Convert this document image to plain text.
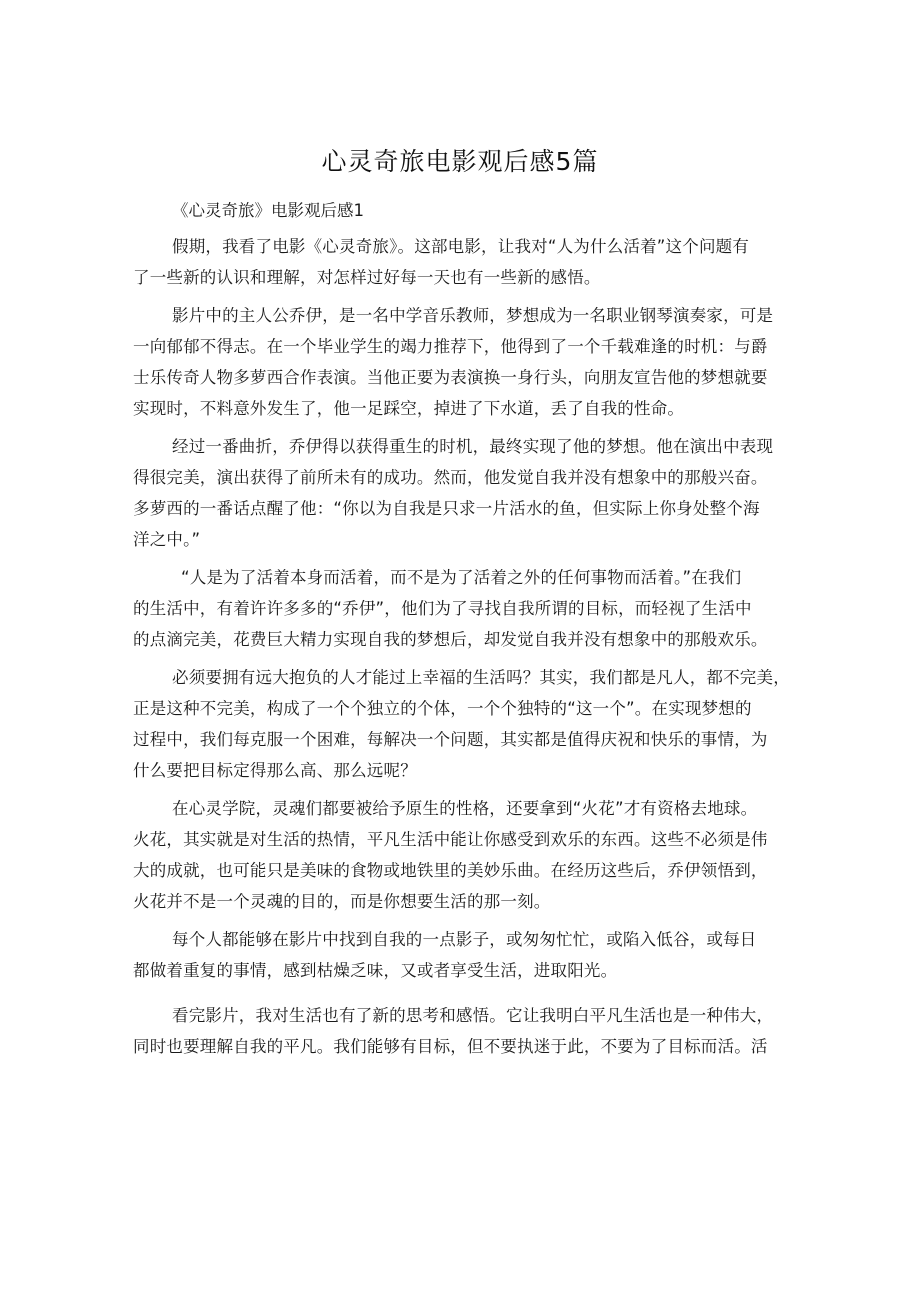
心灵奇旅电影观后感5篇
《心灵奇旅》电影观后感1
假期，我看了电影《心灵奇旅》。这部电影，让我对“人为什么活着”这个问题有
了一些新的认识和理解，对怎样过好每一天也有一些新的感悟。
影片中的主人公乔伊，是一名中学音乐教师，梦想成为一名职业钢琴演奏家，可是
一向郁郁不得志。在一个毕业学生的竭力推荐下，他得到了一个千载难逢的时机：与爵
士乐传奇人物多萝西合作表演。当他正要为表演换一身行头，向朋友宣告他的梦想就要
实现时，不料意外发生了，他一足踩空，掉进了下水道，丢了自我的性命。
经过一番曲折，乔伊得以获得重生的时机，最终实现了他的梦想。他在演出中表现
得很完美，演出获得了前所未有的成功。然而，他发觉自我并没有想象中的那般兴奋。
多萝西的一番话点醒了他：“你以为自我是只求一片活水的鱼，但实际上你身处整个海
洋之中。”
“人是为了活着本身而活着，而不是为了活着之外的任何事物而活着。”在我们
的生活中，有着许许多多的“乔伊”，他们为了寻找自我所谓的目标，而轻视了生活中
的点滴完美，花费巨大精力实现自我的梦想后，却发觉自我并没有想象中的那般欢乐。
必须要拥有远大抱负的人才能过上幸福的生活吗？其实，我们都是凡人，都不完美，
正是这种不完美，构成了一个个独立的个体，一个个独特的“这一个”。在实现梦想的
过程中，我们每克服一个困难，每解决一个问题，其实都是值得庆祝和快乐的事情，为
什么要把目标定得那么高、那么远呢？
在心灵学院，灵魂们都要被给予原生的性格，还要拿到“火花”才有资格去地球。
火花，其实就是对生活的热情，平凡生活中能让你感受到欢乐的东西。这些不必须是伟
大的成就，也可能只是美味的食物或地铁里的美妙乐曲。在经历这些后，乔伊领悟到，
火花并不是一个灵魂的目的，而是你想要生活的那一刻。
每个人都能够在影片中找到自我的一点影子，或匆匆忙忙，或陷入低谷，或每日
都做着重复的事情，感到枯燥乏味，又或者享受生活，进取阳光。
看完影片，我对生活也有了新的思考和感悟。它让我明白平凡生活也是一种伟大，
同时也要理解自我的平凡。我们能够有目标，但不要执迷于此，不要为了目标而活。活
